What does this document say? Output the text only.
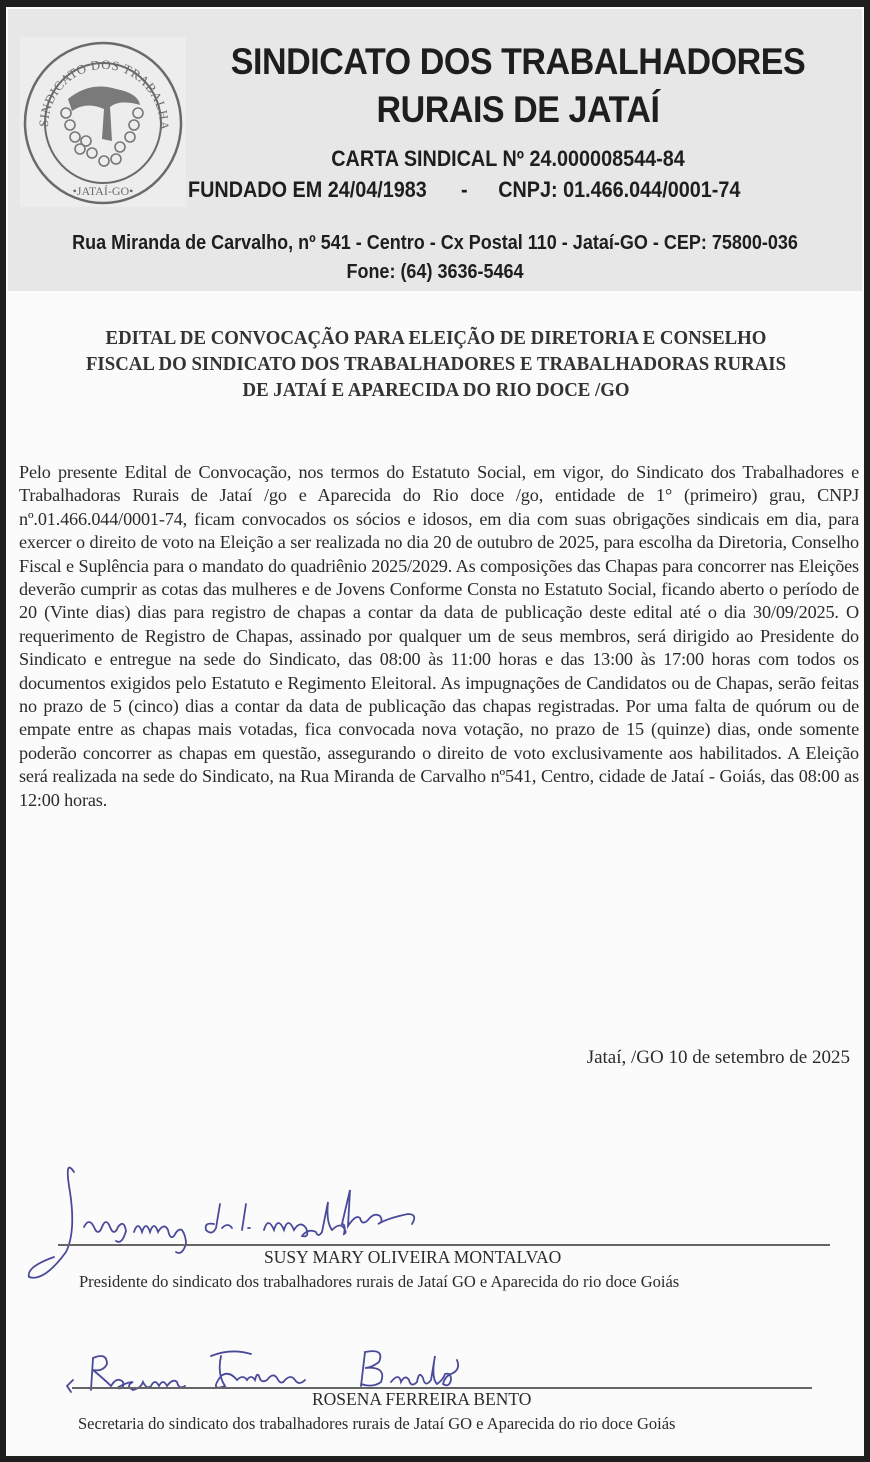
SINDICATO DOS TRABALHA
•JATAÍ-GO•
SINDICATO DOS TRABALHADORES
RURAIS DE JATAÍ
CARTA SINDICAL Nº 24.000008544-84
FUNDADO EM 24/04/1983 - CNPJ: 01.466.044/0001-74
Rua Miranda de Carvalho, nº 541 - Centro - Cx Postal 110 - Jataí-GO - CEP: 75800-036
Fone: (64) 3636-5464
EDITAL DE CONVOCAÇÃO PARA ELEIÇÃO DE DIRETORIA E CONSELHO
FISCAL DO SINDICATO DOS TRABALHADORES E TRABALHADORAS RURAIS
DE JATAÍ E APARECIDA DO RIO DOCE /GO
Pelo presente Edital de Convocação, nos termos do Estatuto Social, em vigor, do Sindicato dos Trabalhadores e Trabalhadoras Rurais de Jataí /go e Aparecida do Rio doce /go, entidade de 1° (primeiro) grau, CNPJ nº.01.466.044/0001-74, ficam convocados os sócios e idosos, em dia com suas obrigações sindicais em dia, para exercer o direito de voto na Eleição a ser realizada no dia 20 de outubro de 2025, para escolha da Diretoria, Conselho Fiscal e Suplência para o mandato do quadriênio 2025/2029. As composições das Chapas para concorrer nas Eleições deverão cumprir as cotas das mulheres e de Jovens Conforme Consta no Estatuto Social, ficando aberto o período de 20 (Vinte dias) dias para registro de chapas a contar da data de publicação deste edital até o dia 30/09/2025. O requerimento de Registro de Chapas, assinado por qualquer um de seus membros, será dirigido ao Presidente do Sindicato e entregue na sede do Sindicato, das 08:00 às 11:00 horas e das 13:00 às 17:00 horas com todos os documentos exigidos pelo Estatuto e Regimento Eleitoral. As impugnações de Candidatos ou de Chapas, serão feitas no prazo de 5 (cinco) dias a contar da data de publicação das chapas registradas. Por uma falta de quórum ou de empate entre as chapas mais votadas, fica convocada nova votação, no prazo de 15 (quinze) dias, onde somente poderão concorrer as chapas em questão, assegurando o direito de voto exclusivamente aos habilitados. A Eleição será realizada na sede do Sindicato, na Rua Miranda de Carvalho nº541, Centro, cidade de Jataí - Goiás, das 08:00 as 12:00 horas.
Jataí, /GO 10 de setembro de 2025
SUSY MARY OLIVEIRA MONTALVAO
Presidente do sindicato dos trabalhadores rurais de Jataí GO e Aparecida do rio doce Goiás
ROSENA FERREIRA BENTO
Secretaria do sindicato dos trabalhadores rurais de Jataí GO e Aparecida do rio doce Goiás
